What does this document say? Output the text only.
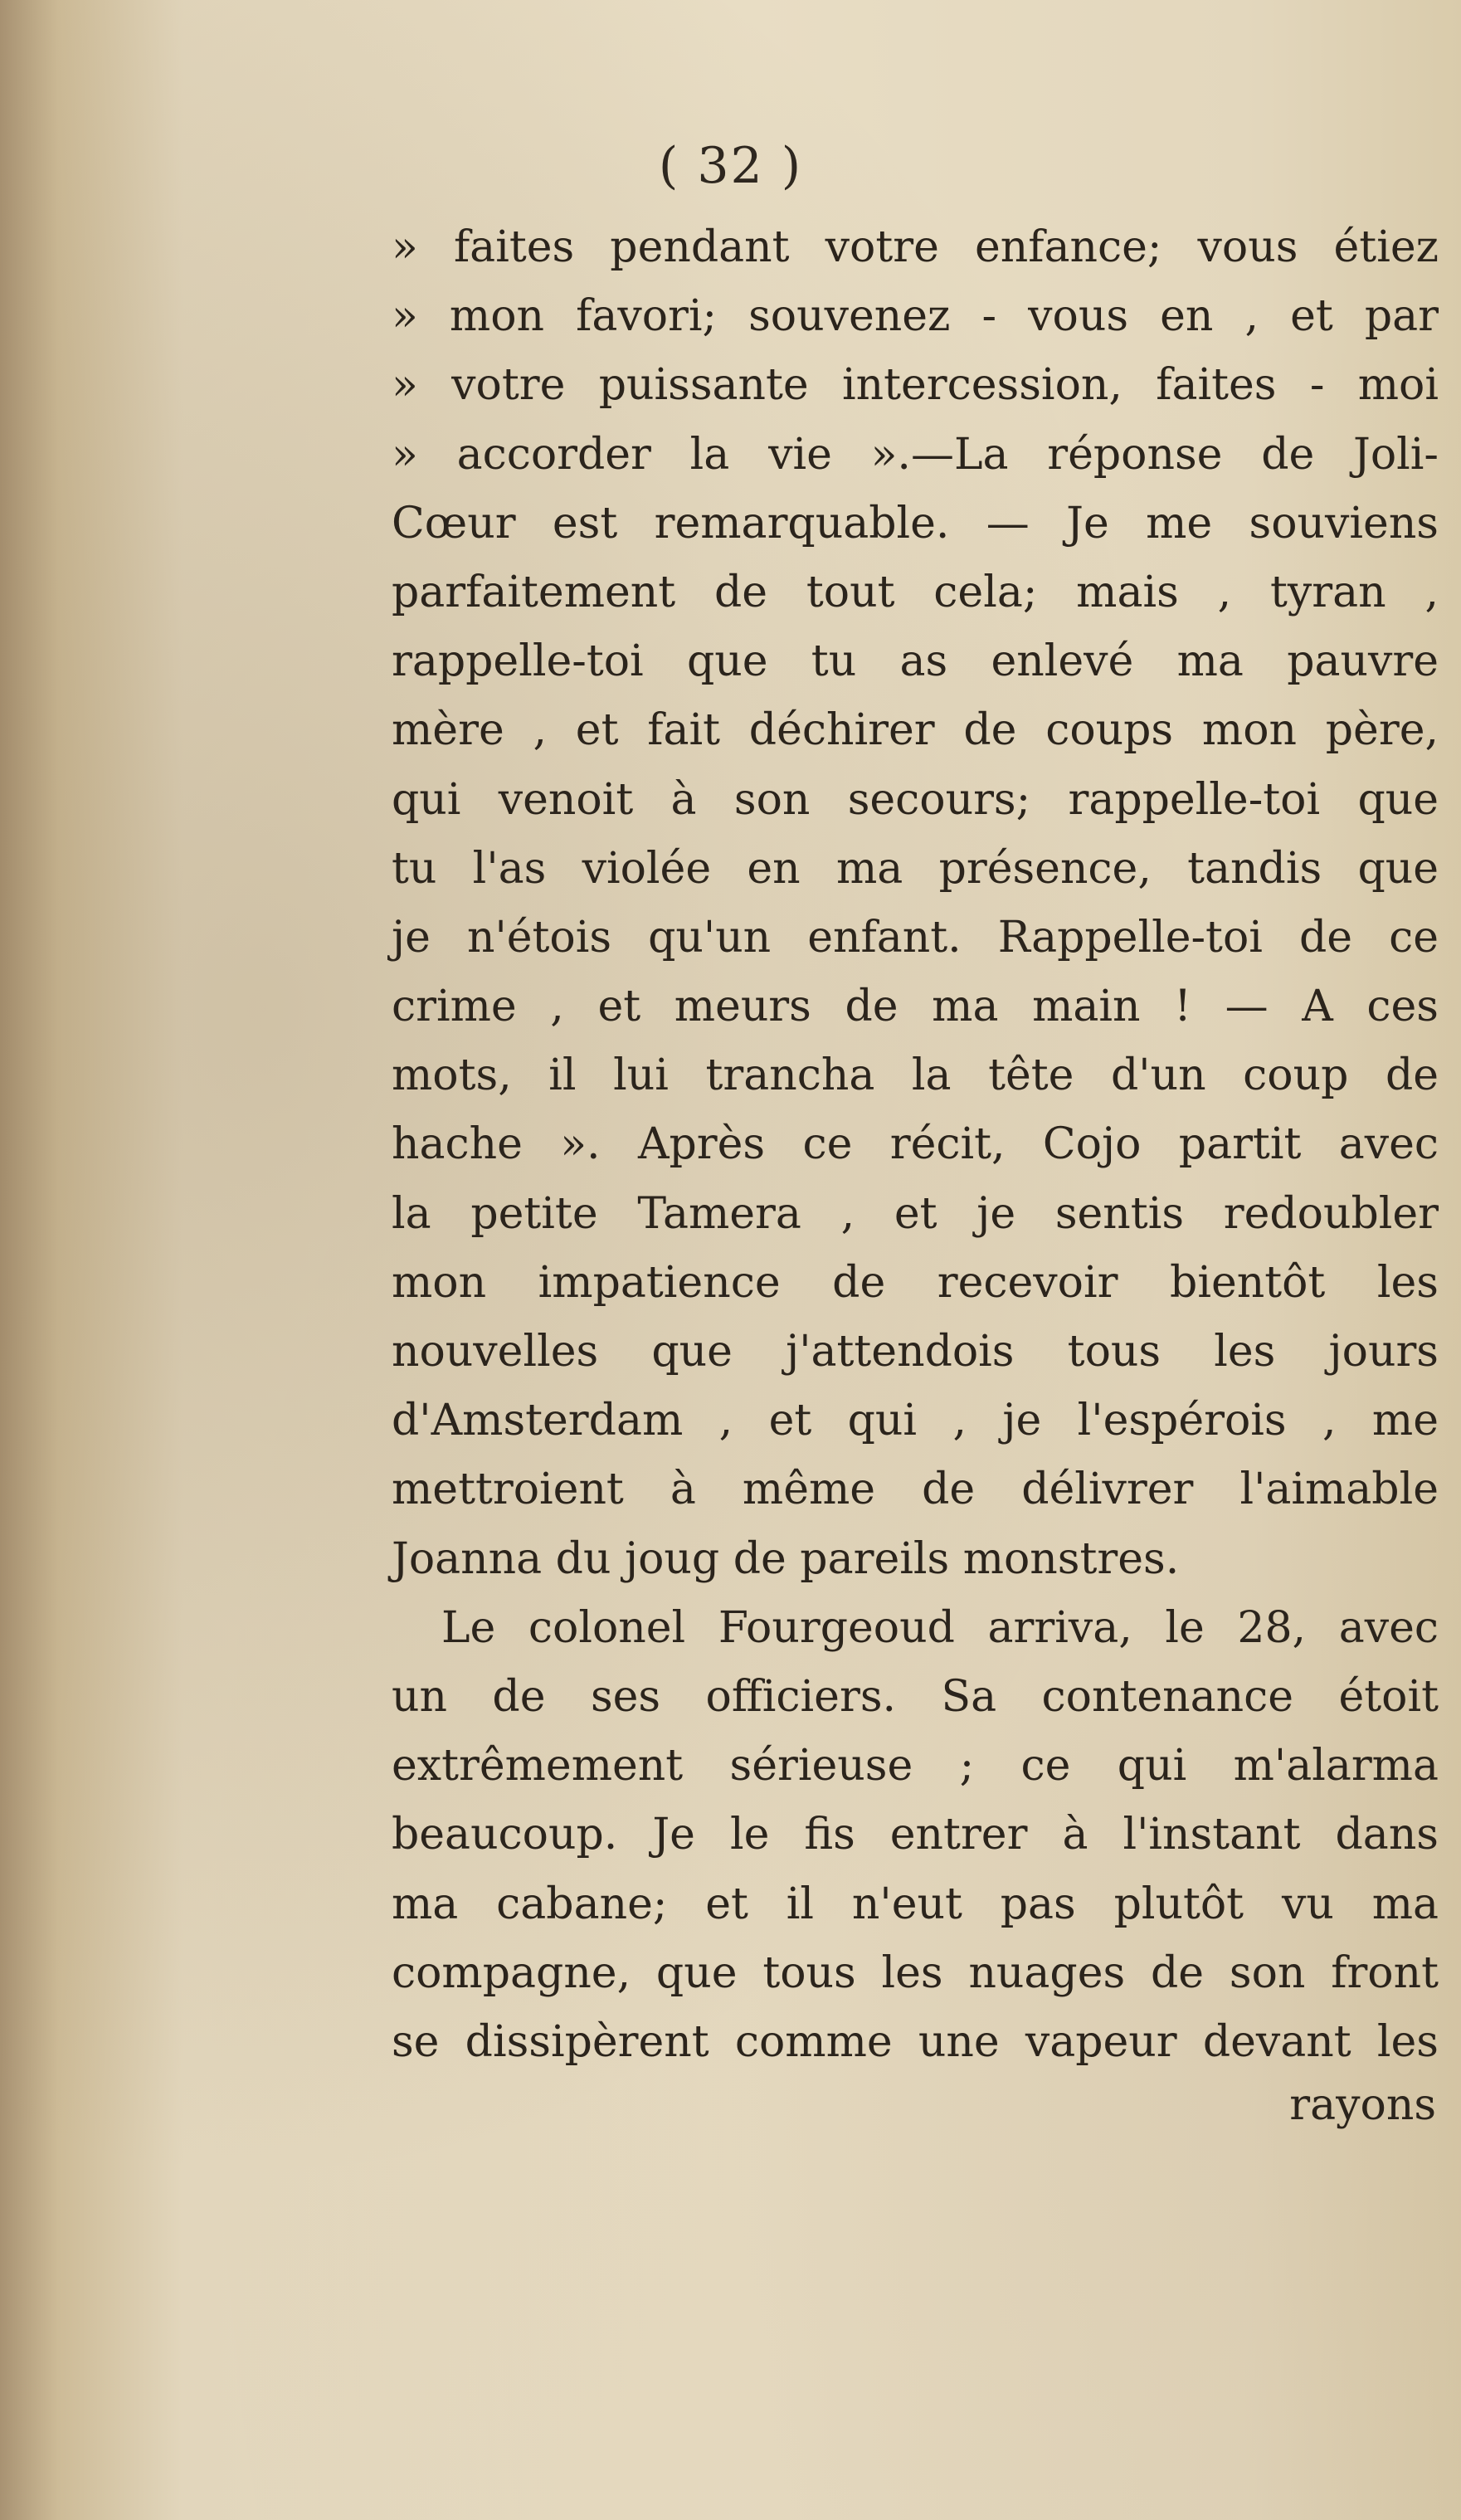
( 32 )
» faites pendant votre enfance; vous étiez
» mon favori; souvenez - vous en , et par
» votre puissante intercession, faites - moi
» accorder la vie ».—La réponse de Joli-
Cœur est remarquable. — Je me souviens
parfaitement de tout cela; mais , tyran ,
rappelle-toi que tu as enlevé ma pauvre
mère , et fait déchirer de coups mon père,
qui venoit à son secours; rappelle-toi que
tu l'as violée en ma présence, tandis que
je n'étois qu'un enfant. Rappelle-toi de ce
crime , et meurs de ma main ! — A ces
mots, il lui trancha la tête d'un coup de
hache ». Après ce récit, Cojo partit avec
la petite Tamera , et je sentis redoubler
mon impatience de recevoir bientôt les
nouvelles que j'attendois tous les jours
d'Amsterdam , et qui , je l'espérois , me
mettroient à même de délivrer l'aimable
Joanna du joug de pareils monstres.
Le colonel Fourgeoud arriva, le 28, avec
un de ses officiers. Sa contenance étoit
extrêmement sérieuse ; ce qui m'alarma
beaucoup. Je le fis entrer à l'instant dans
ma cabane; et il n'eut pas plutôt vu ma
compagne, que tous les nuages de son front
se dissipèrent comme une vapeur devant les
rayons
